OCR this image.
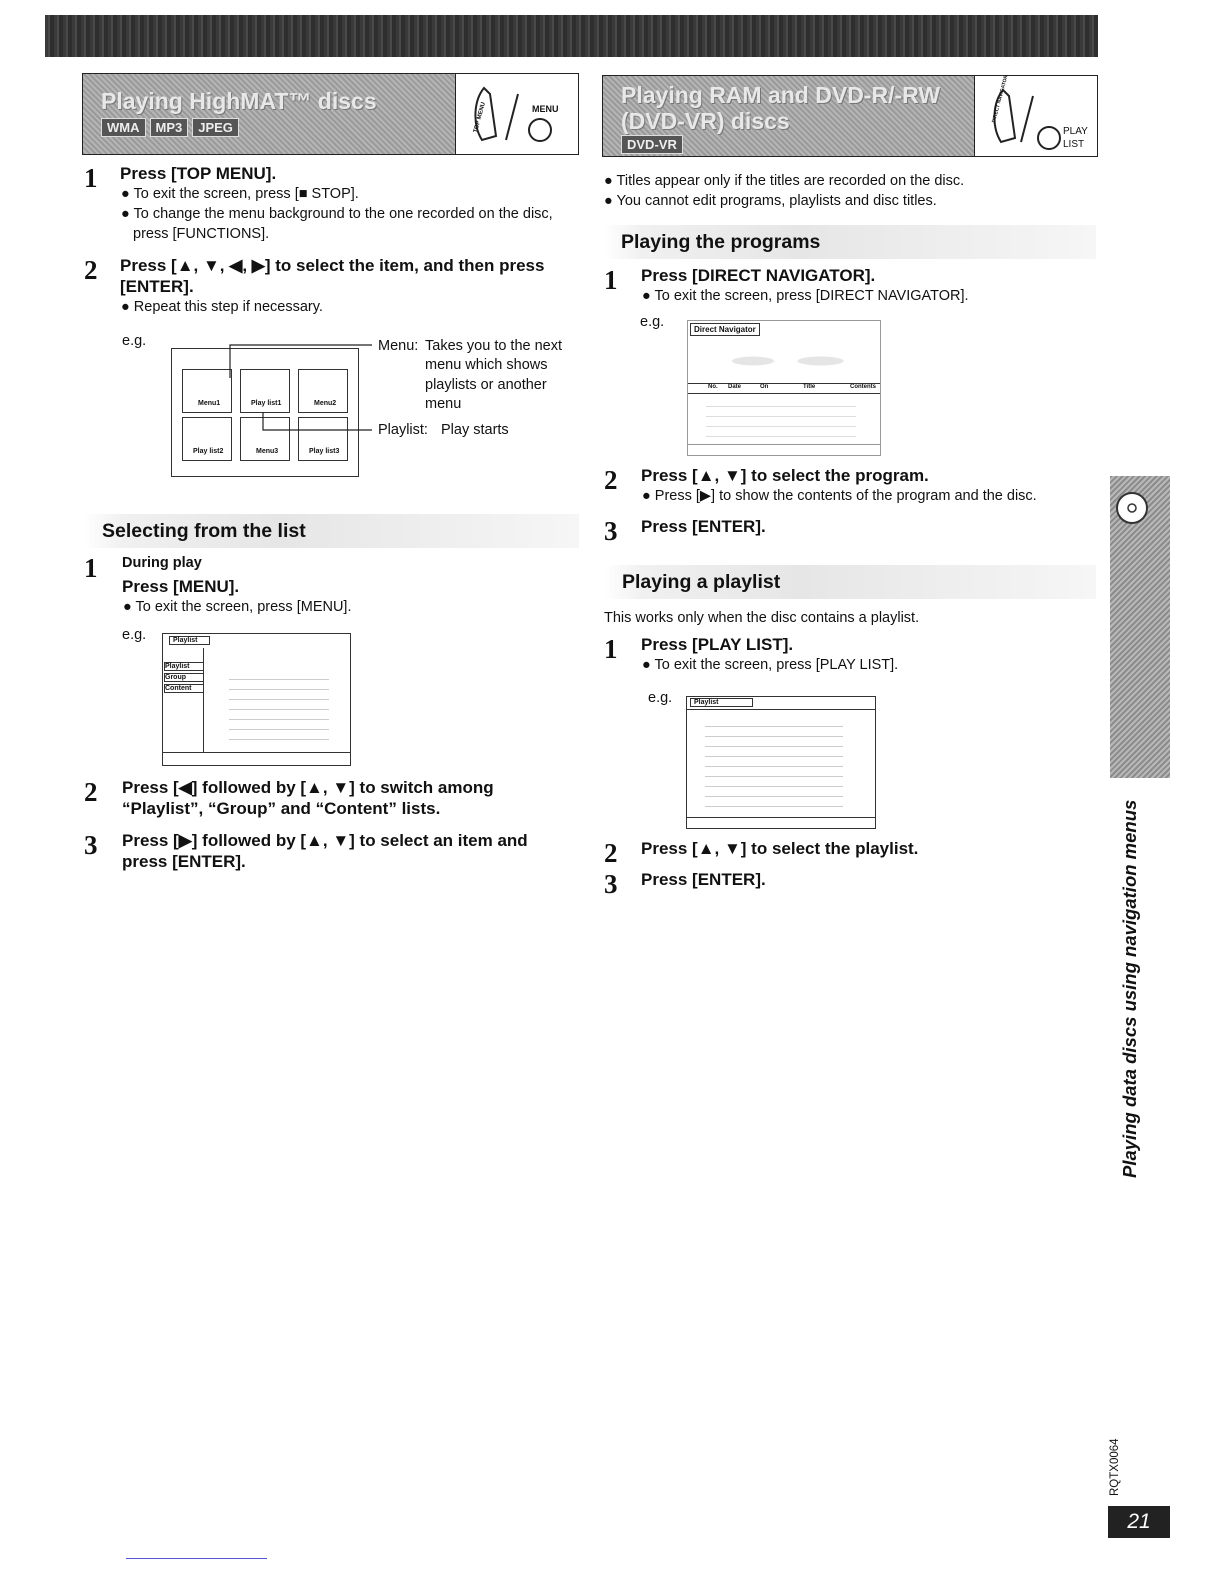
Playing HighMAT™ discs
WMA MP3 JPEG
MENU
TOP MENU
1 Press [TOP MENU].
● To exit the screen, press [■ STOP].
● To change the menu background to the one recorded on the disc,
press [FUNCTIONS].
2 Press [▲, ▼, ◀, ▶] to select the item, and then press [ENTER].
● Repeat this step if necessary.
e.g.
Menu1	Play list1	Menu2
Play list2	Menu3	Play list3
Menu: Takes you to the next
menu which shows
playlists or another
menu
Playlist: Play starts
Selecting from the list
1 During play
Press [MENU].
● To exit the screen, press [MENU].
e.g.	Playlist
Playlist
Group
Content
2 Press [◀] followed by [▲, ▼] to switch among “Playlist”, “Group” and “Content” lists.
3 Press [▶] followed by [▲, ▼] to select an item and press [ENTER].
Playing RAM and DVD-R/-RW
(DVD-VR) discs
DVD-VR
PLAY
LIST
DIRECT NAVIGATOR
● Titles appear only if the titles are recorded on the disc.
● You cannot edit programs, playlists and disc titles.
Playing the programs
1 Press [DIRECT NAVIGATOR].
● To exit the screen, press [DIRECT NAVIGATOR].
e.g.	Direct Navigator
No. Date	On	Title	Contents
2 Press [▲, ▼] to select the program.
● Press [▶] to show the contents of the program and the disc.
3 Press [ENTER].
Playing a playlist
This works only when the disc contains a playlist.
1 Press [PLAY LIST].
● To exit the screen, press [PLAY LIST].
e.g.	Playlist
2 Press [▲, ▼] to select the playlist.
3 Press [ENTER].	Playing data discs using navigation menus
RQTX0064
21
